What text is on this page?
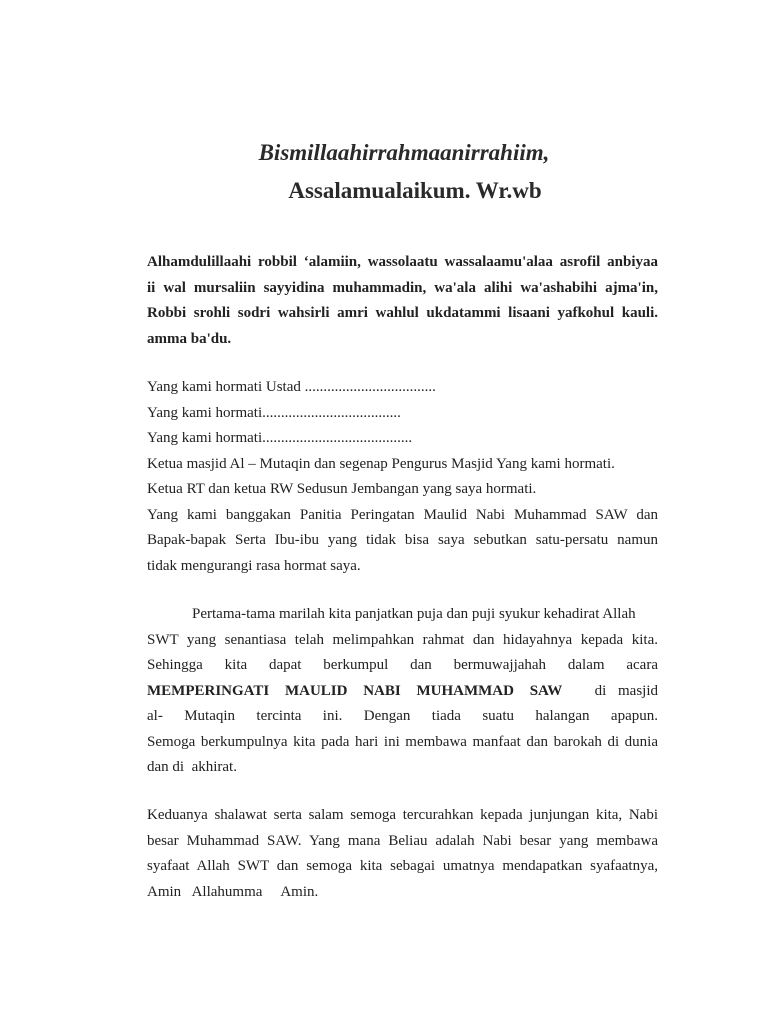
Bismillaahirrahmaanirrahiim,
Assalamualaikum. Wr.wb
Alhamdulillaahi robbil ‘alamiin, wassolaatu wassalaamu'alaa asrofil anbiyaa
ii wal mursaliin sayyidina muhammadin, wa'ala alihi wa'ashabihi ajma'in,
Robbi srohli sodri wahsirli amri wahlul ukdatammi lisaani yafkohul kauli.
amma ba'du.
Yang kami hormati Ustad ...................................
Yang kami hormati.....................................
Yang kami hormati........................................
Ketua masjid Al – Mutaqin dan segenap Pengurus Masjid Yang kami hormati.
Ketua RT dan ketua RW Sedusun Jembangan yang saya hormati.
Yang kami banggakan Panitia Peringatan Maulid Nabi Muhammad SAW dan
Bapak-bapak Serta Ibu-ibu yang tidak bisa saya sebutkan satu-persatu namun
tidak mengurangi rasa hormat saya.
Pertama-tama marilah kita panjatkan puja dan puji syukur kehadirat Allah
SWT yang senantiasa telah melimpahkan rahmat dan hidayahnya kepada kita.
Sehingga kita dapat berkumpul dan bermuwajjahah dalam acara
MEMPERINGATI MAULID NABI MUHAMMAD SAW di masjid
al- Mutaqin tercinta ini. Dengan tiada suatu halangan apapun.
Semoga berkumpulnya kita pada hari ini membawa manfaat dan barokah di dunia
dan di  akhirat.
Keduanya shalawat serta salam semoga tercurahkan kepada junjungan kita, Nabi
besar Muhammad SAW. Yang mana Beliau adalah Nabi besar yang membawa
syafaat Allah SWT dan semoga kita sebagai umatnya mendapatkan syafaatnya,
Amin   Allahumma     Amin.
